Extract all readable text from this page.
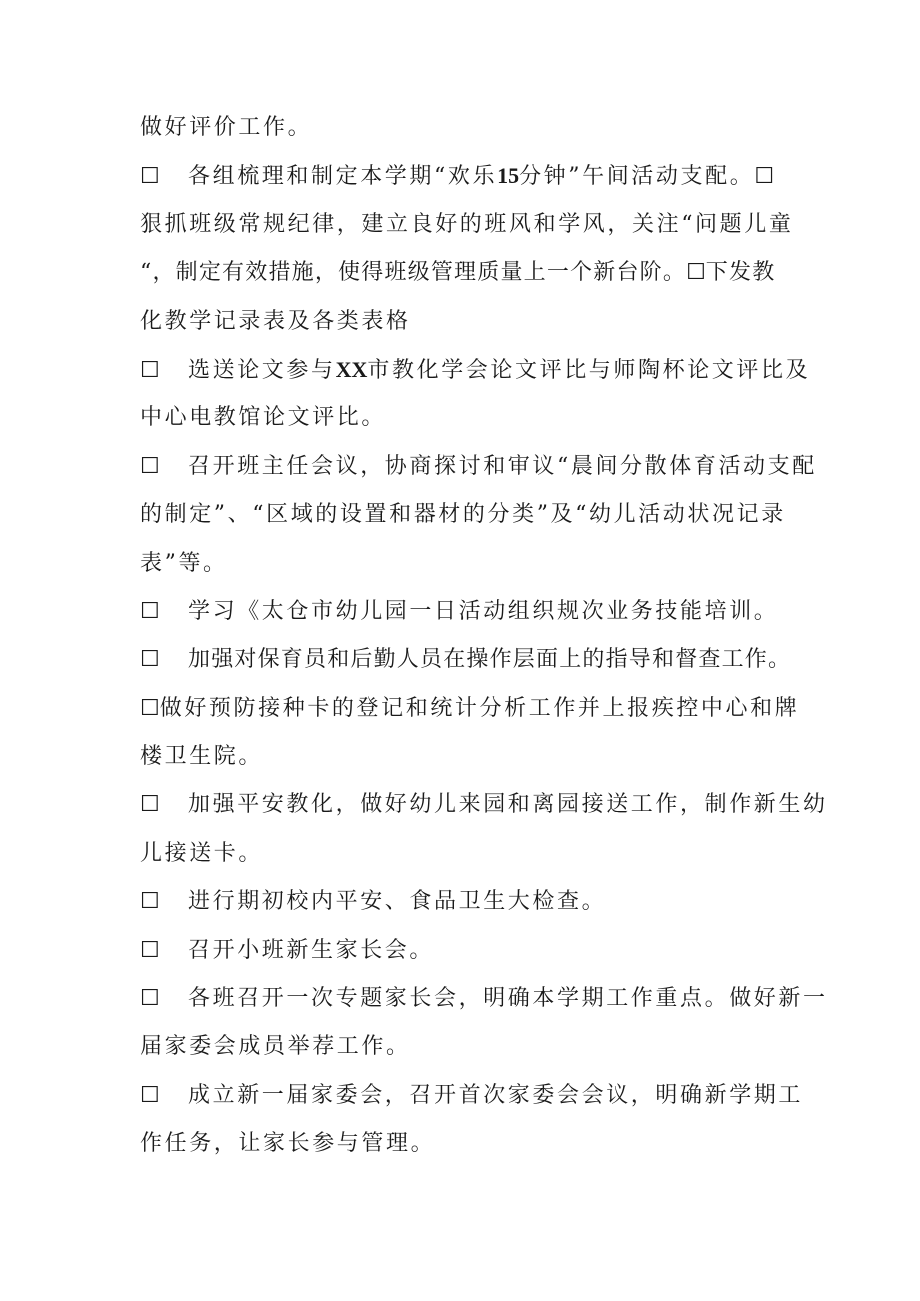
做好评价工作。
☐ 各组梳理和制定本学期“欢乐15分钟”午间活动支配。☐
狠抓班级常规纪律，建立良好的班风和学风，关注“问题儿童
“，制定有效措施，使得班级管理质量上一个新台阶。☐下发教
化教学记录表及各类表格
☐ 选送论文参与XX市教化学会论文评比与师陶杯论文评比及
中心电教馆论文评比。
☐ 召开班主任会议，协商探讨和审议“晨间分散体育活动支配
的制定”、“区域的设置和器材的分类”及“幼儿活动状况记录
表”等。
☐ 学习《太仓市幼儿园一日活动组织规次业务技能培训。
☐ 加强对保育员和后勤人员在操作层面上的指导和督查工作。
☐做好预防接种卡的登记和统计分析工作并上报疾控中心和牌
楼卫生院。
☐ 加强平安教化，做好幼儿来园和离园接送工作，制作新生幼
儿接送卡。
☐ 进行期初校内平安、食品卫生大检查。
☐ 召开小班新生家长会。
☐ 各班召开一次专题家长会，明确本学期工作重点。做好新一
届家委会成员举荐工作。
☐ 成立新一届家委会，召开首次家委会会议，明确新学期工
作任务，让家长参与管理。
